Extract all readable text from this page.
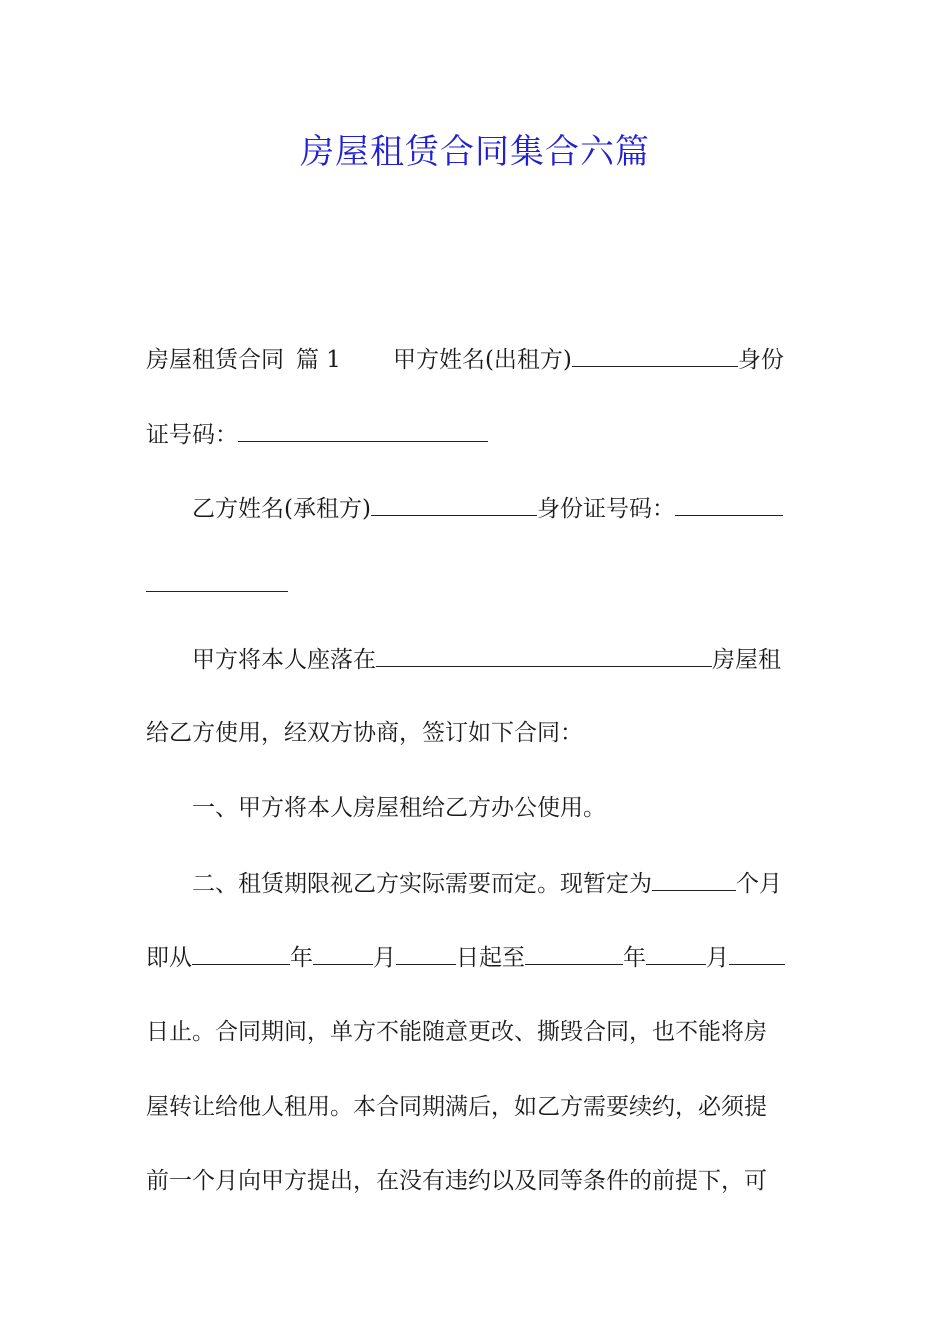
房屋租赁合同集合六篇
房屋租赁合同 篇 1 甲方姓名(出租方)	身份
证号码：
乙方姓名(承租方)	身份证号码：
甲方将本人座落在	房屋租
给乙方使用，经双方协商，签订如下合同：
一、甲方将本人房屋租给乙方办公使用。
二、租赁期限视乙方实际需要而定。现暂定为	个月
即从	年	月	日起至	年	月
日止。合同期间，单方不能随意更改、撕毁合同，也不能将房
屋转让给他人租用。本合同期满后，如乙方需要续约，必须提
前一个月向甲方提出，在没有违约以及同等条件的前提下，可
